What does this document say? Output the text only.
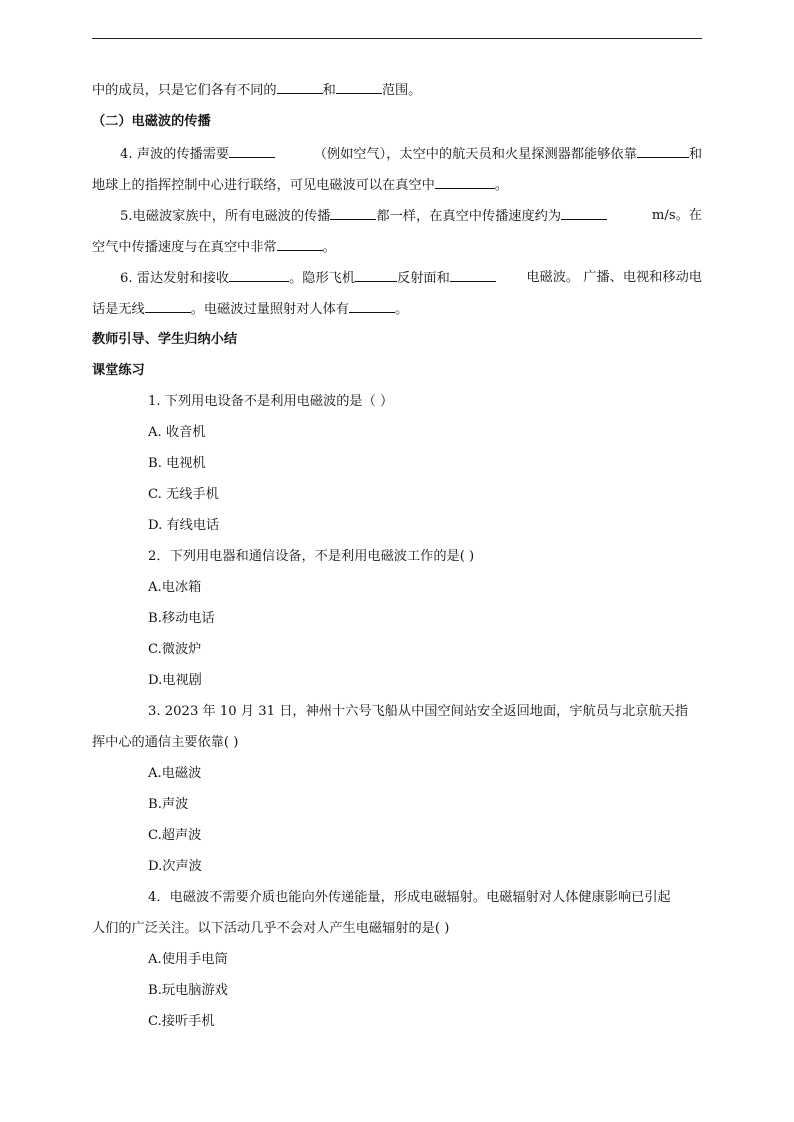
中的成员，只是它们各有不同的	和	范围。
（二）电磁波的传播
4. 声波的传播需要	（例如空气），太空中的航天员和火星探测器都能够依靠	和
地球上的指挥控制中心进行联络，可见电磁波可以在真空中	。
5.电磁波家族中，所有电磁波的传播	都一样，在真空中传播速度约为	m/s。在
空气中传播速度与在真空中非常	。
6. 雷达发射和接收	。隐形飞机	反射面和	电磁波。 广播、电视和移动电
话是无线	。电磁波过量照射对人体有	。
教师引导、学生归纳小结
课堂练习
1. 下列用电设备不是利用电磁波的是（ ）
A. 收音机
B. 电视机
C. 无线手机
D. 有线电话
2．下列用电器和通信设备，不是利用电磁波工作的是( )
A.电冰箱
B.移动电话
C.微波炉
D.电视剧
3. 2023 年 10 月 31 日，神州十六号飞船从中国空间站安全返回地面，宇航员与北京航天指
挥中心的通信主要依靠( )
A.电磁波
B.声波
C.超声波
D.次声波
4．电磁波不需要介质也能向外传递能量，形成电磁辐射。电磁辐射对人体健康影响已引起
人们的广泛关注。以下活动几乎不会对人产生电磁辐射的是( )
A.使用手电筒
B.玩电脑游戏
C.接听手机
